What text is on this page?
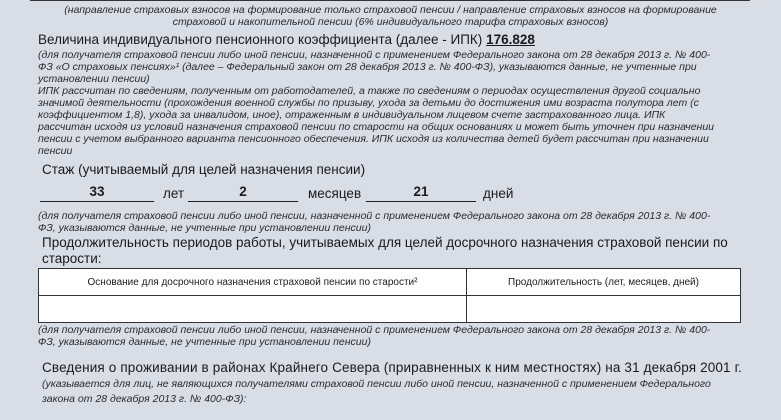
(направление страховых взносов на формирование только страховой пенсии / направление страховых взносов на формирование
страховой и накопительной пенсии (6% индивидуального тарифа страховых взносов)
Величина индивидуального пенсионного коэффициента (далее - ИПК) 176.828
(для получателя страховой пенсии либо иной пенсии, назначенной с применением Федерального закона от 28 декабря 2013 г. № 400-
ФЗ «О страховых пенсиях»¹ (далее – Федеральный закон от 28 декабря 2013 г. № 400-ФЗ), указываются данные, не учтенные при
установлении пенсии)
ИПК рассчитан по сведениям, полученным от работодателей, а также по сведениям о периодах осуществления другой социально
значимой деятельности (прохождения военной службы по призыву, ухода за детьми до достижения ими возраста полутора лет (с
коэффициентом 1,8), ухода за инвалидом, иное), отраженным в индивидуальном лицевом счете застрахованного лица. ИПК
рассчитан исходя из условий назначения страховой пенсии по старости на общих основаниях и может быть уточнен при назначении
пенсии с учетом выбранного варианта пенсионного обеспечения. ИПК исходя из количества детей будет рассчитан при назначении
пенсии
Стаж (учитываемый для целей назначения пенсии)
33	лет	2	месяцев	21	дней
(для получателя страховой пенсии либо иной пенсии, назначенной с применением Федерального закона от 28 декабря 2013 г. № 400-
ФЗ, указываются данные, не учтенные при установлении пенсии)
Продолжительность периодов работы, учитываемых для целей досрочного назначения страховой пенсии по
старости:
Основание для досрочного назначения страховой пенсии по старости²	Продолжительность (лет, месяцев, дней)

(для получателя страховой пенсии либо иной пенсии, назначенной с применением Федерального закона от 28 декабря 2013 г. № 400-
ФЗ, указываются данные, не учтенные при установлении пенсии)
Сведения о проживании в районах Крайнего Севера (приравненных к ним местностях) на 31 декабря 2001 г.
(указывается для лиц, не являющихся получателями страховой пенсии либо иной пенсии, назначенной с применением Федерального
закона от 28 декабря 2013 г. № 400-ФЗ):
